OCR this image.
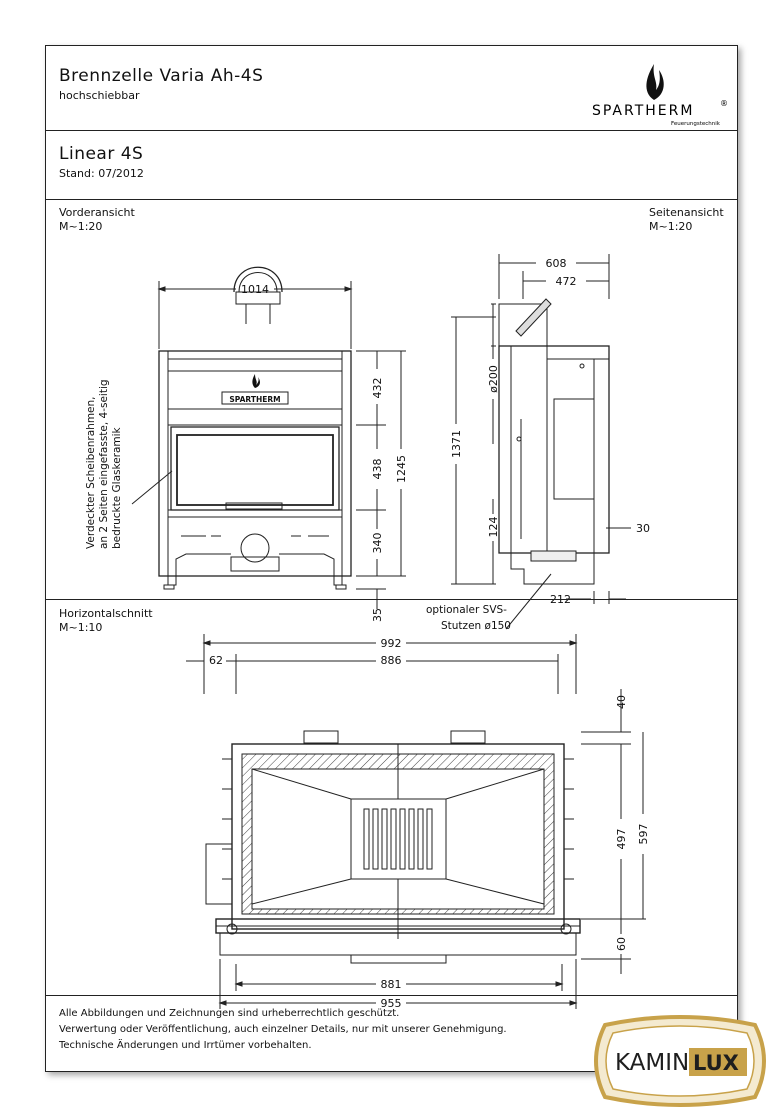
Brennzelle Varia Ah-4S
hochschiebbar
SPARTHERM	®
Feuerungstechnik
Linear 4S
Stand: 07/2012
Vorderansicht
M~1:20
Seitenansicht
M~1:20
SPARTHERM
1014
432
438 1245
340
35
Verdeckter Scheibenrahmen, an 2 Seiten eingefasste, 4-seitig bedruckte Glaskeramik
608
472
ø200
1371
124	30
212
optionaler SVS-
Stutzen ø150
Horizontalschnitt
M~1:10
992
62	886
40
497 597
60
881
955
Alle Abbildungen und Zeichnungen sind urheberrechtlich geschützt.
Verwertung oder Veröffentlichung, auch einzelner Details, nur mit unserer Genehmigung.
Technische Änderungen und Irrtümer vorbehalten.
KAMIN LUX
